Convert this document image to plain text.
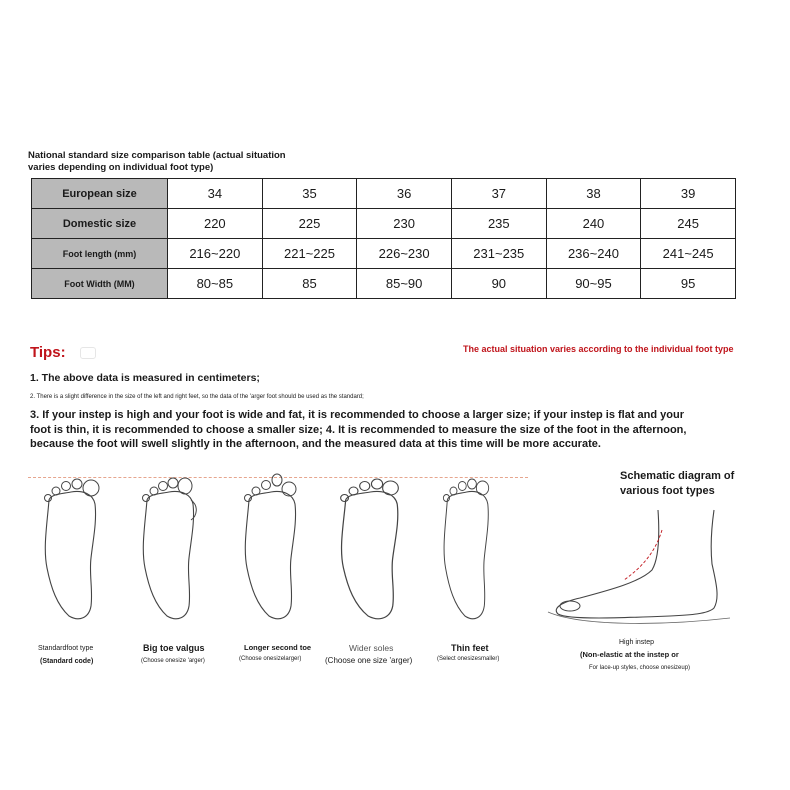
National standard size comparison table (actual situation
varies depending on individual foot type)
European size	34	35	36	37	38	39
Domestic size	220	225	230	235	240	245
Foot length (mm)	216~220	221~225	226~230	231~235	236~240	241~245
Foot Width (MM)	80~85	85	85~90	90	90~95	95
Tips:	The actual situation varies according to the individual foot type
1. The above data is measured in centimeters;
2. There is a slight difference in the size of the left and right feet, so the data of the 'arger foot should be used as the standard;
3. If your instep is high and your foot is wide and fat, it is recommended to choose a larger size; if your instep is flat and your foot is thin, it is recommended to choose a smaller size; 4. It is recommended to measure the size of the foot in the afternoon, because the foot will swell slightly in the afternoon, and the measured data at this time will be more accurate.
Standardfoot type
(Standard code)
Big toe valgus
(Choose onesize 'arger)
Longer second toe
(Choose onesizelarger)
Wider soles
(Choose one size 'arger)
Thin feet
(Select onesizesmaller)
Schematic diagram of
various foot types
High instep
(Non-elastic at the instep or
For lace-up styles, choose onesizeup)
